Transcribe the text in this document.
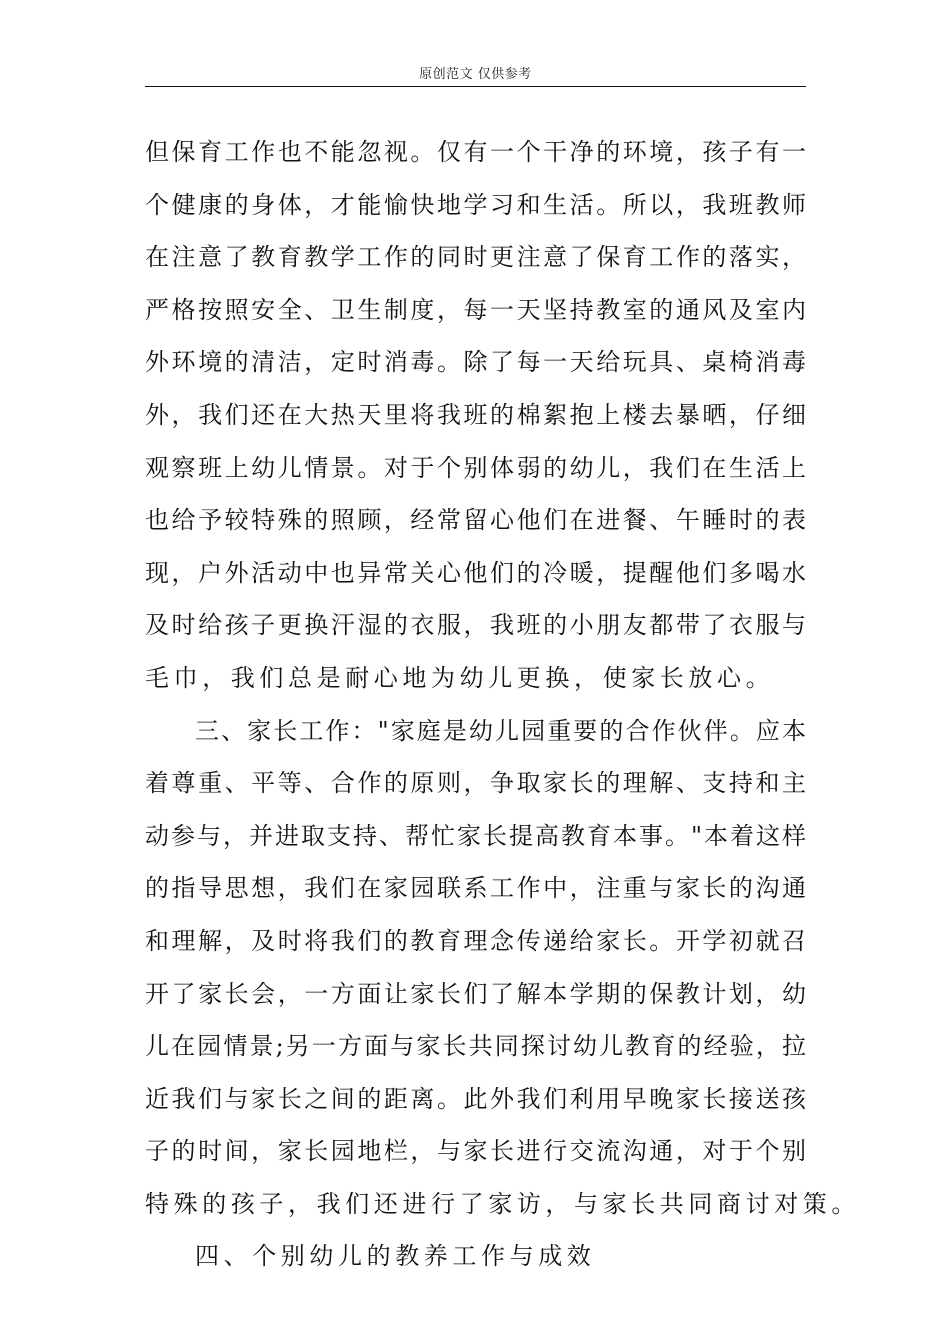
原创范文 仅供参考
但保育工作也不能忽视。仅有一个干净的环境，孩子有一
个健康的身体，才能愉快地学习和生活。所以，我班教师
在注意了教育教学工作的同时更注意了保育工作的落实，
严格按照安全、卫生制度，每一天坚持教室的通风及室内
外环境的清洁，定时消毒。除了每一天给玩具、桌椅消毒
外，我们还在大热天里将我班的棉絮抱上楼去暴晒，仔细
观察班上幼儿情景。对于个别体弱的幼儿，我们在生活上
也给予较特殊的照顾，经常留心他们在进餐、午睡时的表
现，户外活动中也异常关心他们的冷暖，提醒他们多喝水
及时给孩子更换汗湿的衣服，我班的小朋友都带了衣服与
毛巾，我们总是耐心地为幼儿更换，使家长放心。
三、家长工作："家庭是幼儿园重要的合作伙伴。应本
着尊重、平等、合作的原则，争取家长的理解、支持和主
动参与，并进取支持、帮忙家长提高教育本事。"本着这样
的指导思想，我们在家园联系工作中，注重与家长的沟通
和理解，及时将我们的教育理念传递给家长。开学初就召
开了家长会，一方面让家长们了解本学期的保教计划，幼
儿在园情景;另一方面与家长共同探讨幼儿教育的经验，拉
近我们与家长之间的距离。此外我们利用早晚家长接送孩
子的时间，家长园地栏，与家长进行交流沟通，对于个别
特殊的孩子，我们还进行了家访，与家长共同商讨对策。
四、个别幼儿的教养工作与成效
